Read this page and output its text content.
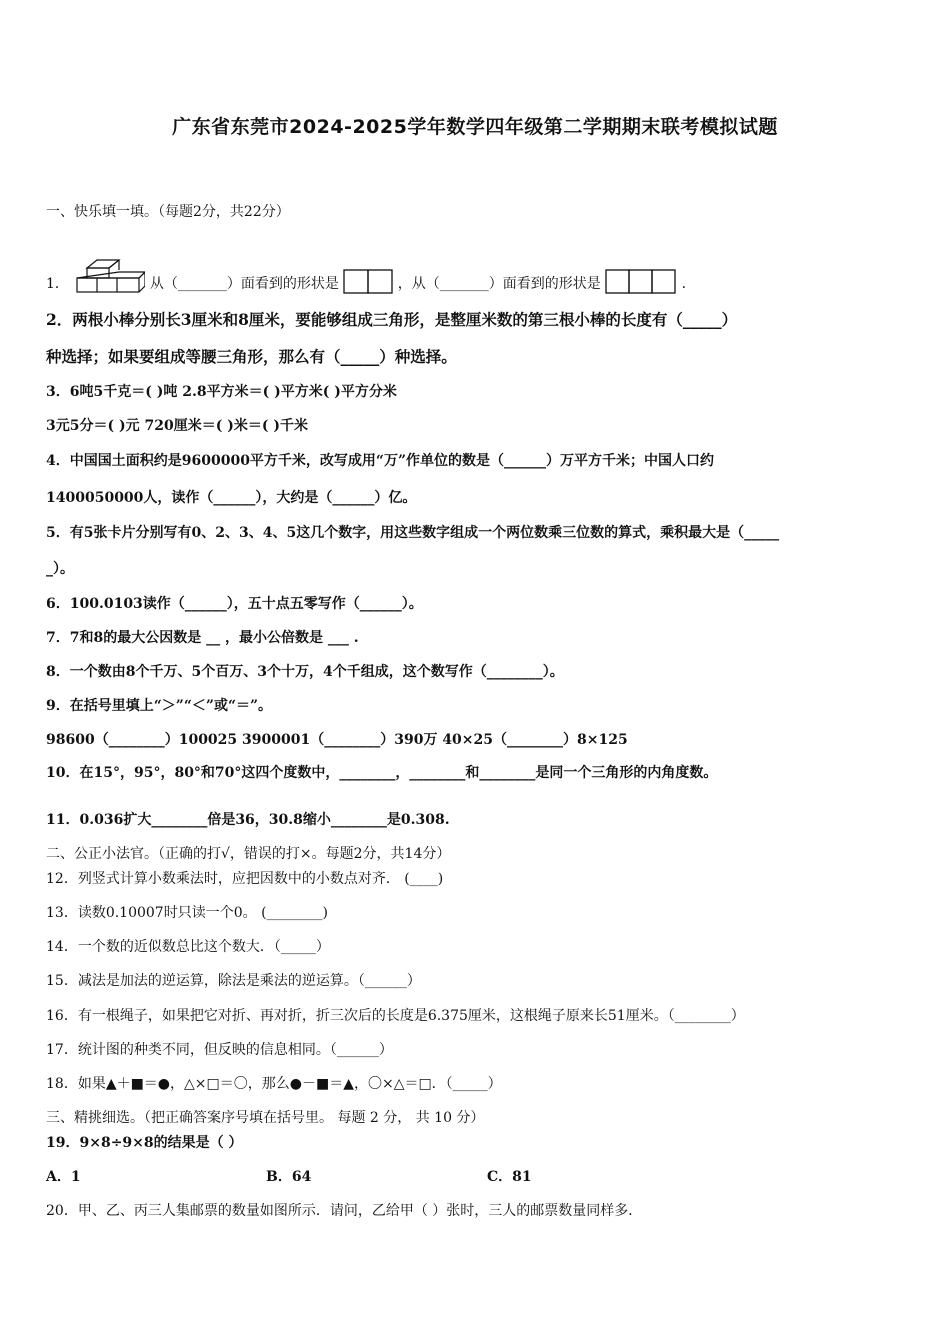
广东省东莞市2024-2025学年数学四年级第二学期期末联考模拟试题
一、快乐填一填。（每题2分，共22分）
1．	从（_______）面看到的形状是	，从（_______）面看到的形状是	.
2．两根小棒分别长3厘米和8厘米，要能够组成三角形，是整厘米数的第三根小棒的长度有（_____）
种选择；如果要组成等腰三角形，那么有（_____）种选择。
3．6吨5千克＝( )吨 2.8平方米＝( )平方米( )平方分米
3元5分＝( )元 720厘米＝( )米＝( )千米
4．中国国土面积约是9600000平方千米，改写成用“万”作单位的数是（______）万平方千米；中国人口约
1400050000人，读作（______），大约是（______）亿。
5．有5张卡片分别写有0、2、3、4、5这几个数字，用这些数字组成一个两位数乘三位数的算式，乘积最大是（_____
_）。
6．100.0103读作（______），五十点五零写作（______）。
7．7和8的最大公因数是 __ ，最小公倍数是 ___ .
8．一个数由8个千万、5个百万、3个十万，4个千组成，这个数写作（________）。
9．在括号里填上“＞”“＜”或“＝”。
98600（________）100025 3900001（________）390万 40×25（________）8×125
10．在15°，95°，80°和70°这四个度数中，________，________和________是同一个三角形的内角度数。
11．0.036扩大________倍是36，30.8缩小________是0.308.
二、公正小法官。（正确的打√，错误的打×。每题2分，共14分）
12．列竖式计算小数乘法时，应把因数中的小数点对齐． (____)
13．读数0.10007时只读一个0。 (________)
14．一个数的近似数总比这个数大．（_____）
15．减法是加法的逆运算，除法是乘法的逆运算。（______）
16．有一根绳子，如果把它对折、再对折，折三次后的长度是6.375厘米，这根绳子原来长51厘米。（________）
17．统计图的种类不同，但反映的信息相同。（______）
18．如果▲＋■＝●，△×□＝〇，那么●－■＝▲，〇×△＝□．（_____）
三、精挑细选。（把正确答案序号填在括号里。 每题 2 分， 共 10 分）
19．9×8÷9×8的结果是（ ）
A．1	B．64	C．81
20．甲、乙、丙三人集邮票的数量如图所示．请问，乙给甲（ ）张时，三人的邮票数量同样多．
